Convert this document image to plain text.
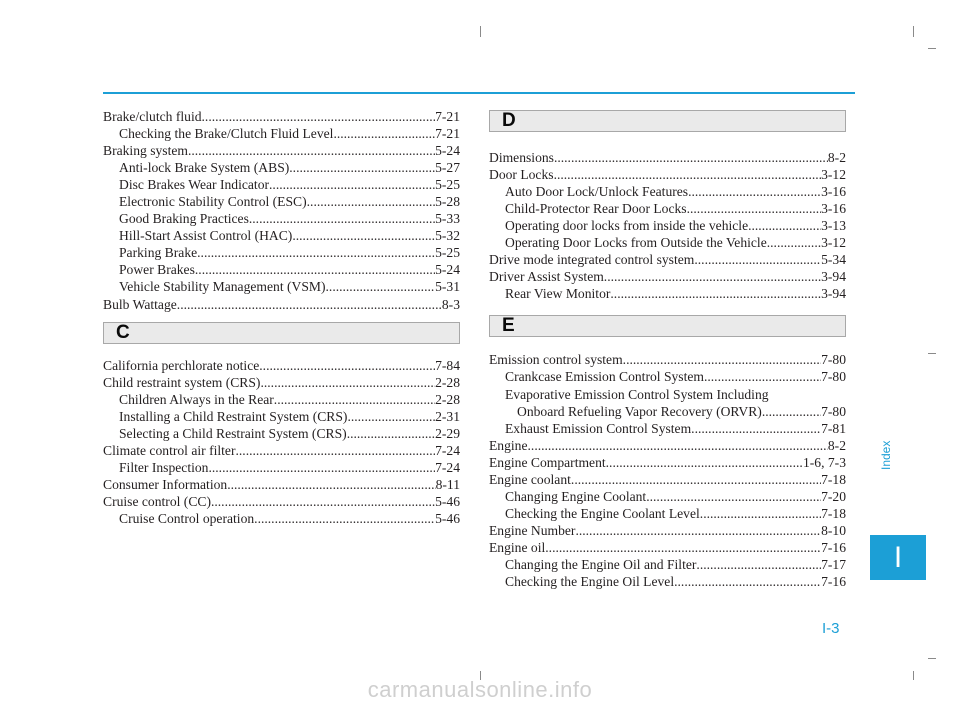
Brake/clutch fluid .....	7-21
Checking the Brake/Clutch Fluid Level .....	7-21
Braking system .....	5-24
Anti-lock Brake System (ABS) .....	5-27
Disc Brakes Wear Indicator .....	5-25
Electronic Stability Control (ESC) .....	5-28
Good Braking Practices .....	5-33
Hill-Start Assist Control (HAC) .....	5-32
Parking Brake .....	5-25
Power Brakes .....	5-24
Vehicle Stability Management (VSM) .....	5-31
Bulb Wattage .....	8-3
C
California perchlorate notice .....	7-84
Child restraint system (CRS) .....	2-28
Children Always in the Rear .....	2-28
Installing a Child Restraint System (CRS) .....	2-31
Selecting a Child Restraint System (CRS) .....	2-29
Climate control air filter .....	7-24
Filter Inspection .....	7-24
Consumer Information .....	8-11
Cruise control (CC) .....	5-46
Cruise Control operation .....	5-46
D
Dimensions .....	8-2
Door Locks .....	3-12
Auto Door Lock/Unlock Features .....	3-16
Child-Protector Rear Door Locks .....	3-16
Operating door locks from inside the vehicle .....	3-13
Operating Door Locks from Outside the Vehicle .....	3-12
Drive mode integrated control system .....	5-34
Driver Assist System .....	3-94
Rear View Monitor .....	3-94
E
Emission control system .....	7-80
Crankcase Emission Control System .....	7-80
Evaporative Emission Control System Including
Onboard Refueling Vapor Recovery (ORVR) .....	7-80
Exhaust Emission Control System .....	7-81
Engine .....	8-2
Engine Compartment .....	1-6, 7-3
Engine coolant .....	7-18
Changing Engine Coolant .....	7-20
Checking the Engine Coolant Level .....	7-18
Engine Number .....	8-10
Engine oil .....	7-16
Changing the Engine Oil and Filter .....	7-17
Checking the Engine Oil Level .....	7-16
Index
I
I-3
carmanualsonline.info
